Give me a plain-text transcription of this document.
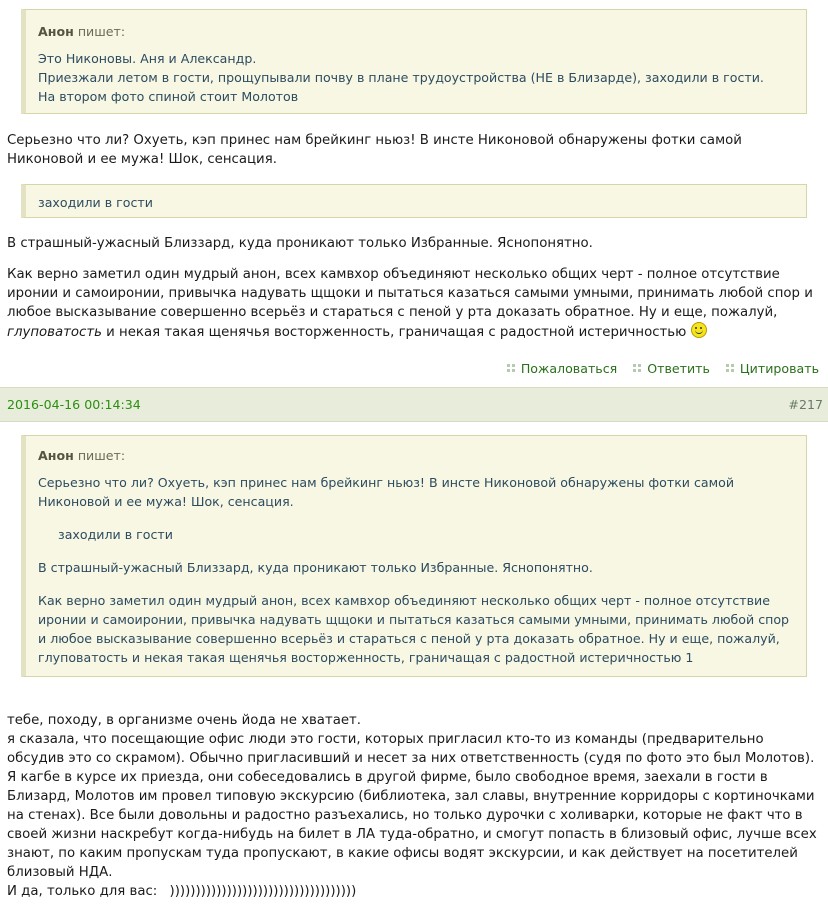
Анон пишет:

Это Никоновы. Аня и Александр.

Приезжали летом в гости, прощупывали почву в плане трудоустройства (НЕ в Близарде), заходили в гости.

На втором фото спиной стоит Молотов

Серьезно что ли? Охуеть, кэп принес нам брейкинг ньюз! В инсте Никоновой обнаружены фотки самой Никоновой и ее мужа! Шок, сенсация.

заходили в гости

В страшный-ужасный Близзард, куда проникают только Избранные. Яснопонятно.

Как верно заметил один мудрый анон, всех камвхор объединяют несколько общих черт - полное отсутствие иронии и самоиронии, привычка надувать щщоки и пытаться казаться самыми умными, принимать любой спор и любое высказывание совершенно всерьёз и стараться с пеной у рта доказать обратное. Ну и еще, пожалуй, глуповатость и некая такая щенячья восторженность, граничащая с радостной истеричностью

Пожаловаться Ответить Цитировать
2016-04-16 00:14:34	#217
Анон пишет:

Серьезно что ли? Охуеть, кэп принес нам брейкинг ньюз! В инсте Никоновой обнаружены фотки самой Никоновой и ее мужа! Шок, сенсация.

заходили в гости

В страшный-ужасный Близзард, куда проникают только Избранные. Яснопонятно.

Как верно заметил один мудрый анон, всех камвхор объединяют несколько общих черт - полное отсутствие иронии и самоиронии, привычка надувать щщоки и пытаться казаться самыми умными, принимать любой спор и любое высказывание совершенно всерьёз и стараться с пеной у рта доказать обратное. Ну и еще, пожалуй, глуповатость и некая такая щенячья восторженность, граничащая с радостной истеричностью 1

тебе, походу, в организме очень йода не хватает.

я сказала, что посещающие офис люди это гости, которых пригласил кто-то из команды (предварительно обсудив это со скрамом). Обычно пригласивший и несет за них ответственность (судя по фото это был Молотов).

Я кагбе в курсе их приезда, они собеседовались в другой фирме, было свободное время, заехали в гости в Близард, Молотов им провел типовую экскурсию (библиотека, зал славы, внутренние корридоры с кортиночками на стенах). Все были довольны и радостно разъехались, но только дурочки с холиварки, которые не факт что в своей жизни наскребут когда-нибудь на билет в ЛА туда-обратно, и смогут попасть в близовый офис, лучше всех знают, по каким пропускам туда пропускают, в какие офисы водят экскурсии, и как действует на посетителей близовый НДА.

И да, только для вас: ))))))))))))))))))))))))))))))))))))
